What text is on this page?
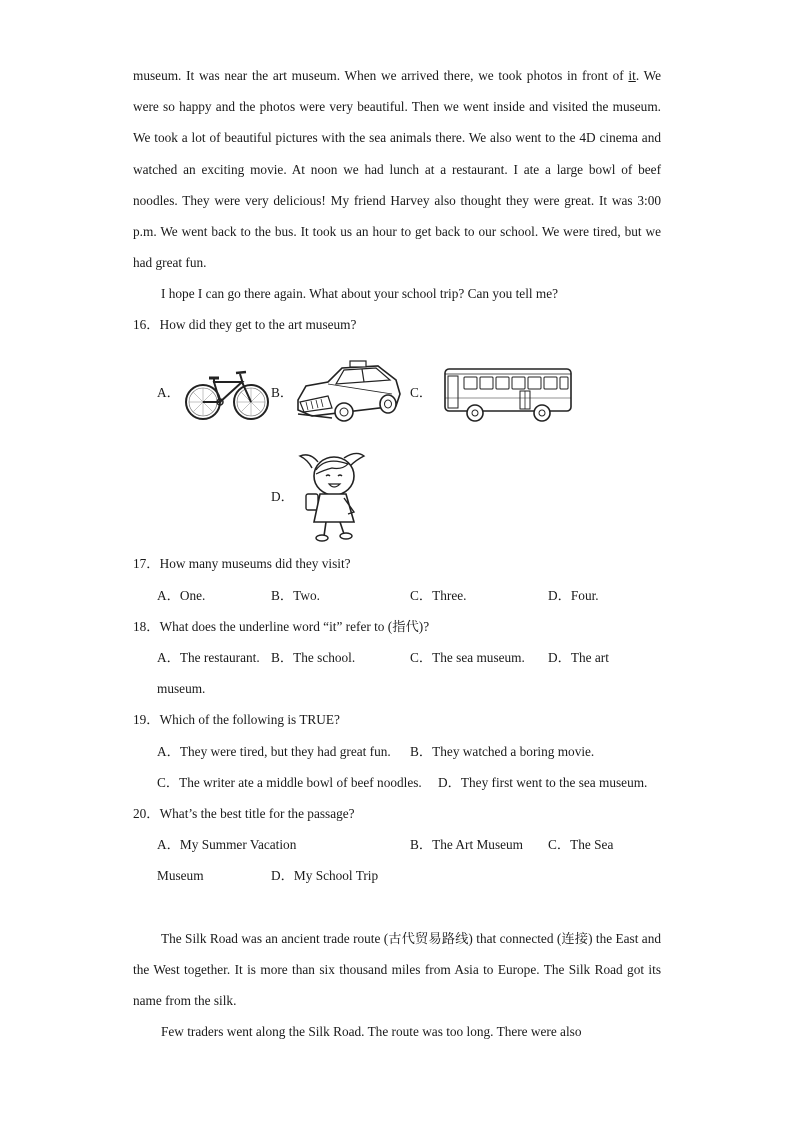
museum. It was near the art museum. When we arrived there, we took photos in front of it. We were so happy and the photos were very beautiful. Then we went inside and visited the museum. We took a lot of beautiful pictures with the sea animals there. We also went to the 4D cinema and watched an exciting movie. At noon we had lunch at a restaurant. I ate a large bowl of beef noodles. They were very delicious! My friend Harvey also thought they were great. It was 3:00 p.m. We went back to the bus. It took us an hour to get back to our school. We were tired, but we had great fun.

I hope I can go there again. What about your school trip? Can you tell me?
16．How did they get to the art museum?
A．	B．	C．
D．
17．How many museums did they visit?
A．One.	B．Two.	C．Three.	D．Four.
18．What does the underline word “it” refer to (指代)?
A．The restaurant. B．The school.	C．The sea museum. D．The art
museum.
19．Which of the following is TRUE?
A．They were tired, but they had great fun. B．They watched a boring movie.
C．The writer ate a middle bowl of beef noodles. D．They first went to the sea museum.
20．What’s the best title for the passage?
A．My Summer Vacation	B．The Art Museum C．The Sea
Museum	D．My School Trip

The Silk Road was an ancient trade route (古代贸易路线) that connected (连接) the East and the West together. It is more than six thousand miles from Asia to Europe. The Silk Road got its name from the silk.

Few traders went along the Silk Road. The route was too long. There were also
